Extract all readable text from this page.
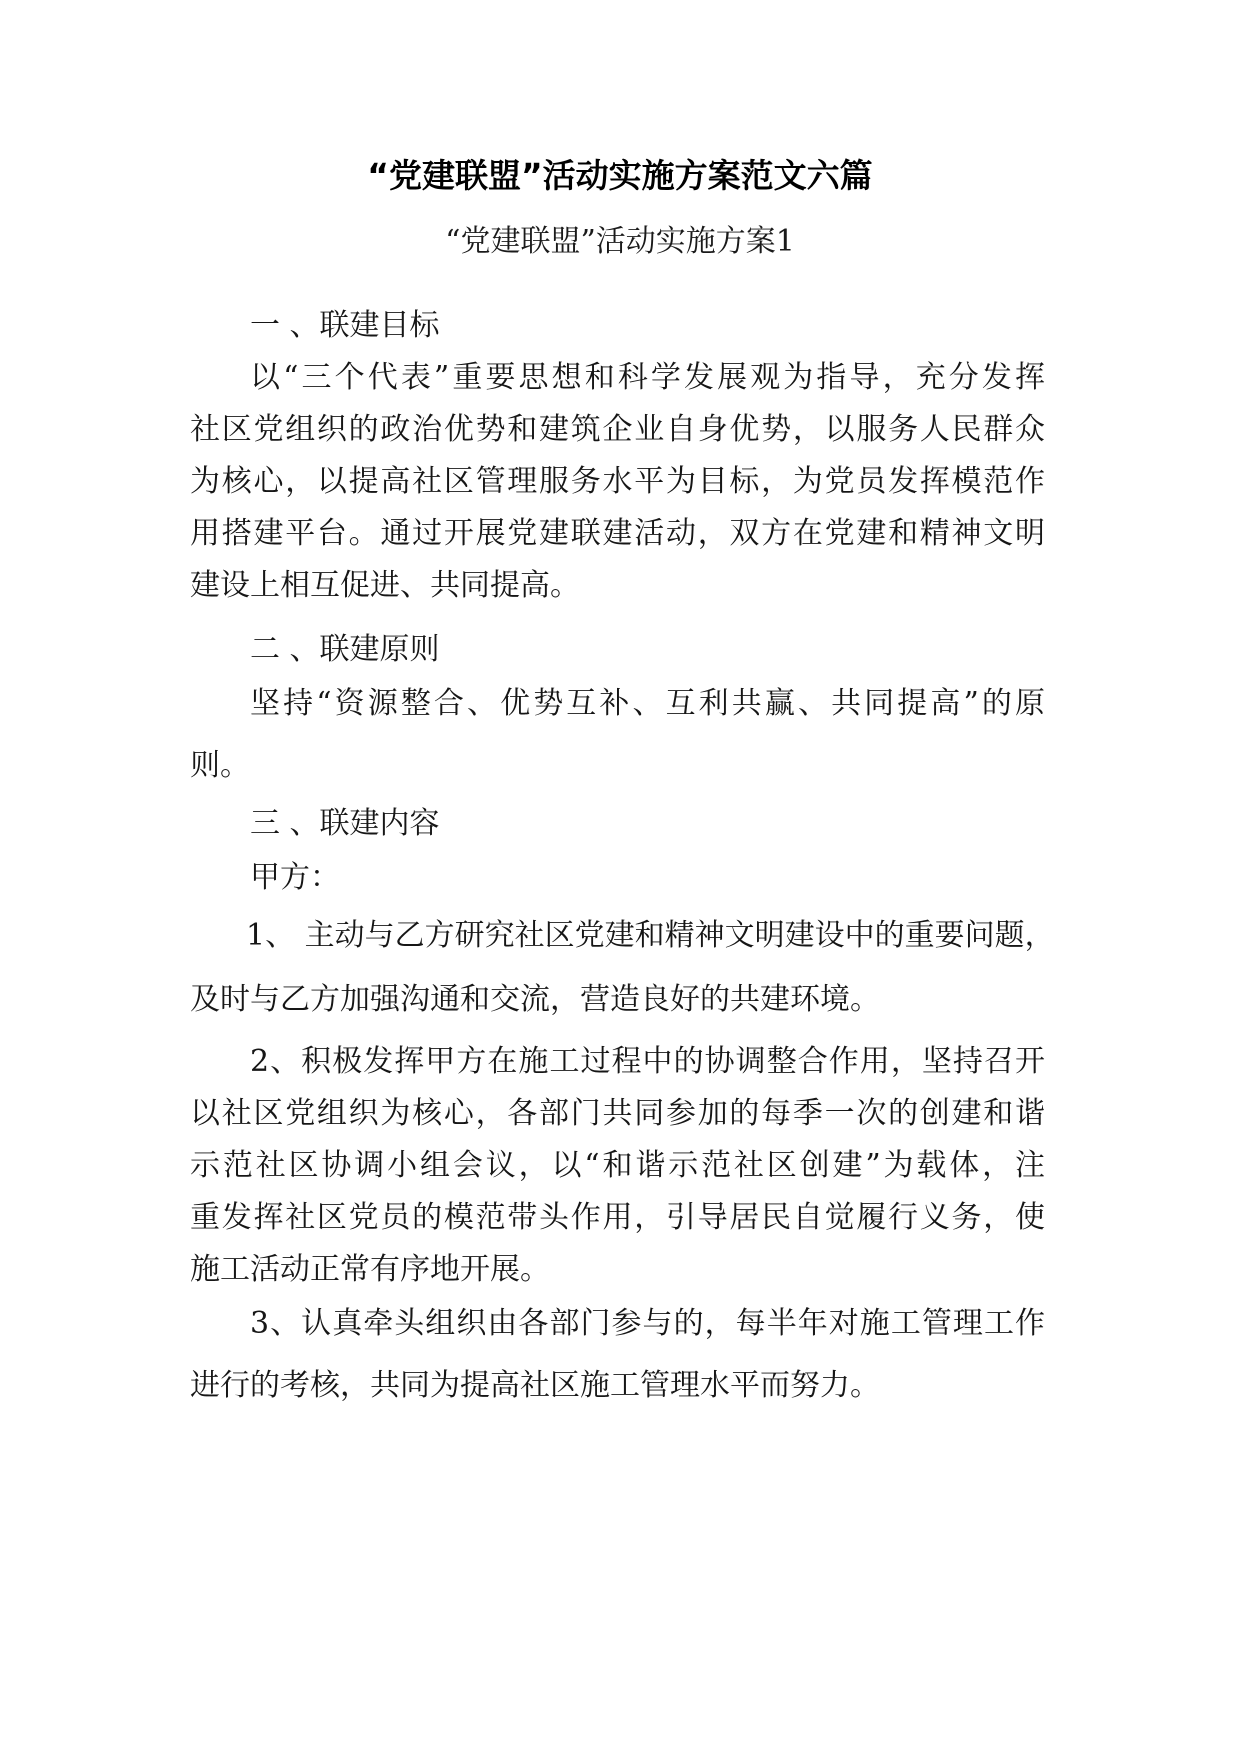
“党建联盟”活动实施方案范文六篇
“党建联盟”活动实施方案1
一 、联建目标
以“三个代表”重要思想和科学发展观为指导，充分发挥
社区党组织的政治优势和建筑企业自身优势，以服务人民群众
为核心，以提高社区管理服务水平为目标，为党员发挥模范作
用搭建平台。通过开展党建联建活动，双方在党建和精神文明
建设上相互促进、共同提高。
二 、联建原则
坚持“资源整合、优势互补、互利共赢、共同提高”的原
则。
三 、联建内容
甲方：
1、 主动与乙方研究社区党建和精神文明建设中的重要问题，
及时与乙方加强沟通和交流，营造良好的共建环境。
2、积极发挥甲方在施工过程中的协调整合作用，坚持召开
以社区党组织为核心，各部门共同参加的每季一次的创建和谐
示范社区协调小组会议，以“和谐示范社区创建”为载体，注
重发挥社区党员的模范带头作用，引导居民自觉履行义务，使
施工活动正常有序地开展。
3、认真牵头组织由各部门参与的，每半年对施工管理工作
进行的考核，共同为提高社区施工管理水平而努力。
